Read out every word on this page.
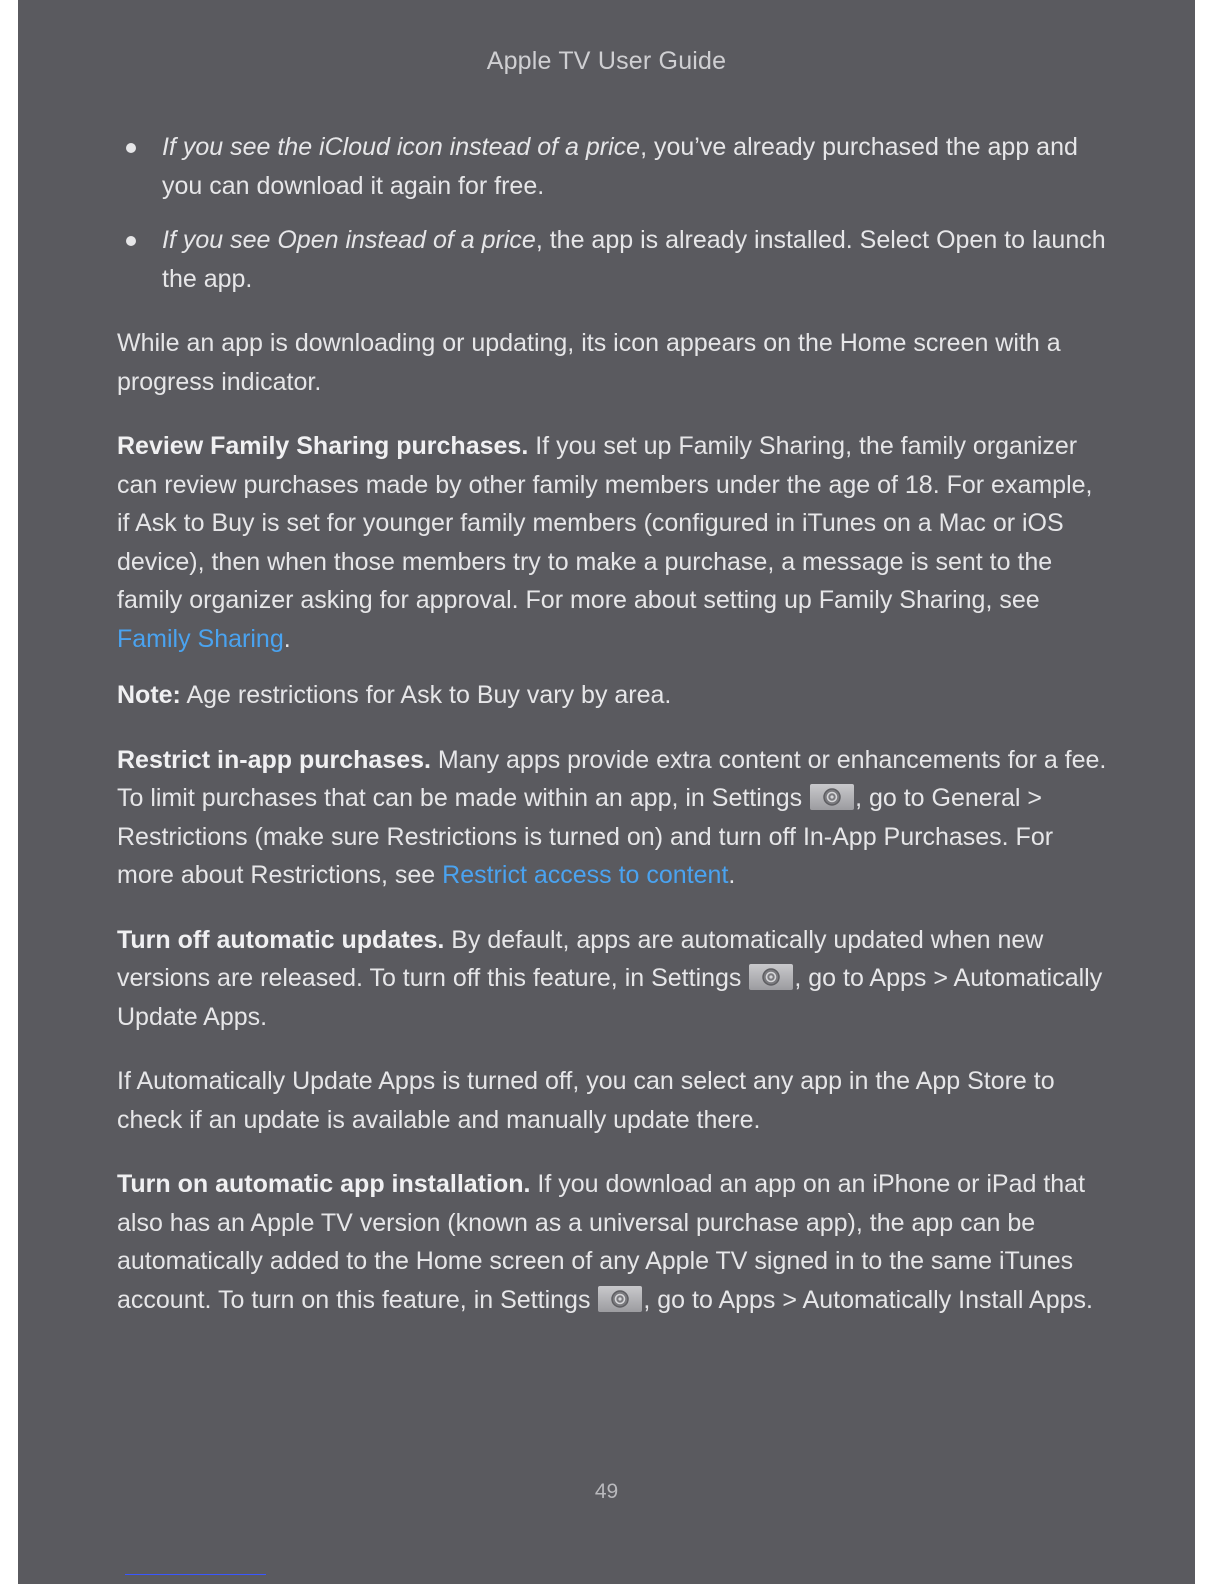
Apple TV User Guide
If you see the iCloud icon instead of a price, you’ve already purchased the app and you can download it again for free.
If you see Open instead of a price, the app is already installed. Select Open to launch the app.

While an app is downloading or updating, its icon appears on the Home screen with a progress indicator.

Review Family Sharing purchases. If you set up Family Sharing, the family organizer can review purchases made by other family members under the age of 18. For example, if Ask to Buy is set for younger family members (configured in iTunes on a Mac or iOS device), then when those members try to make a purchase, a message is sent to the family organizer asking for approval. For more about setting up Family Sharing, see Family Sharing.

Note: Age restrictions for Ask to Buy vary by area.

Restrict in-app purchases. Many apps provide extra content or enhancements for a fee. To limit purchases that can be made within an app, in Settings
, go to General > Restrictions (make sure Restrictions is turned on) and turn off In-App Purchases. For more about Restrictions, see Restrict access to content.

Turn off automatic updates. By default, apps are automatically updated when new versions are released. To turn off this feature, in Settings
, go to Apps > Automatically Update Apps.

If Automatically Update Apps is turned off, you can select any app in the App Store to check if an update is available and manually update there.

Turn on automatic app installation. If you download an app on an iPhone or iPad that also has an Apple TV version (known as a universal purchase app), the app can be automatically added to the Home screen of any Apple TV signed in to the same iTunes account. To turn on this feature, in Settings
, go to Apps > Automatically Install Apps.

49
